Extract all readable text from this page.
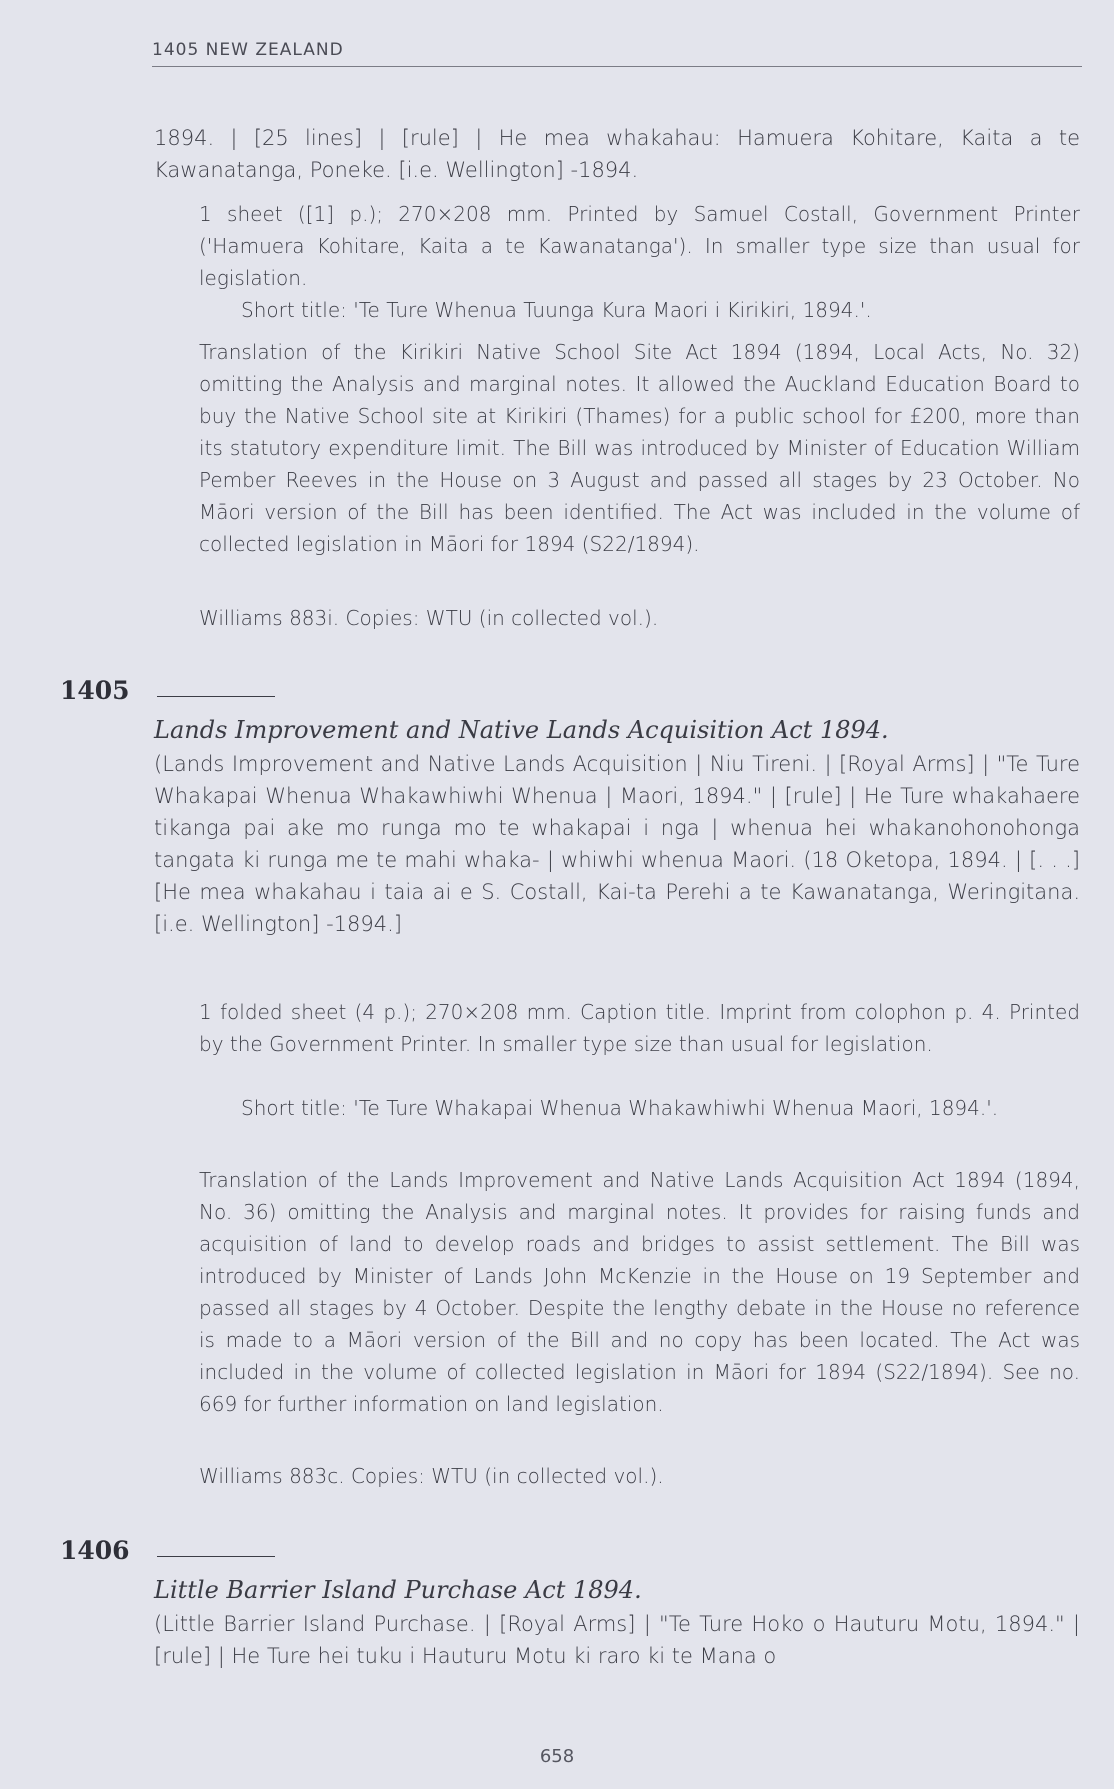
1405 NEW ZEALAND

1894. | [25 lines] | [rule] | He mea whakahau: Hamuera Kohitare, Kaita a te Kawanatanga, Poneke. [i.e. Wellington] -1894.

1 sheet ([1] p.); 270×208 mm. Printed by Samuel Costall, Government Printer ('Hamuera Kohitare, Kaita a te Kawanatanga'). In smaller type size than usual for legislation.

Short title: 'Te Ture Whenua Tuunga Kura Maori i Kirikiri, 1894.'.

Translation of the Kirikiri Native School Site Act 1894 (1894, Local Acts, No. 32) omitting the Analysis and marginal notes. It allowed the Auckland Education Board to buy the Native School site at Kirikiri (Thames) for a public school for £200, more than its statutory expenditure limit. The Bill was introduced by Minister of Education William Pember Reeves in the House on 3 August and passed all stages by 23 October. No Māori version of the Bill has been identified. The Act was included in the volume of collected legislation in Māori for 1894 (S22/1894).

Williams 883i. Copies: WTU (in collected vol.).

1405

Lands Improvement and Native Lands Acquisition Act 1894.

(Lands Improvement and Native Lands Acquisition | Niu Tireni. | [Royal Arms] | "Te Ture Whakapai Whenua Whakawhiwhi Whenua | Maori, 1894." | [rule] | He Ture whakahaere tikanga pai ake mo runga mo te whakapai i nga | whenua hei whakanohonohonga tangata ki runga me te mahi whaka- | whiwhi whenua Maori. (18 Oketopa, 1894. | [. . .] [He mea whakahau i taia ai e S. Costall, Kai-ta Perehi a te Kawanatanga, Weringitana. [i.e. Wellington] -1894.]

1 folded sheet (4 p.); 270×208 mm. Caption title. Imprint from colophon p. 4. Printed by the Government Printer. In smaller type size than usual for legislation.

Short title: 'Te Ture Whakapai Whenua Whakawhiwhi Whenua Maori, 1894.'.

Translation of the Lands Improvement and Native Lands Acquisition Act 1894 (1894, No. 36) omitting the Analysis and marginal notes. It provides for raising funds and acquisition of land to develop roads and bridges to assist settlement. The Bill was introduced by Minister of Lands John McKenzie in the House on 19 September and passed all stages by 4 October. Despite the lengthy debate in the House no reference is made to a Māori version of the Bill and no copy has been located. The Act was included in the volume of collected legislation in Māori for 1894 (S22/1894). See no. 669 for further information on land legislation.

Williams 883c. Copies: WTU (in collected vol.).

1406

Little Barrier Island Purchase Act 1894.

(Little Barrier Island Purchase. | [Royal Arms] | "Te Ture Hoko o Hauturu Motu, 1894." | [rule] | He Ture hei tuku i Hauturu Motu ki raro ki te Mana o

658
